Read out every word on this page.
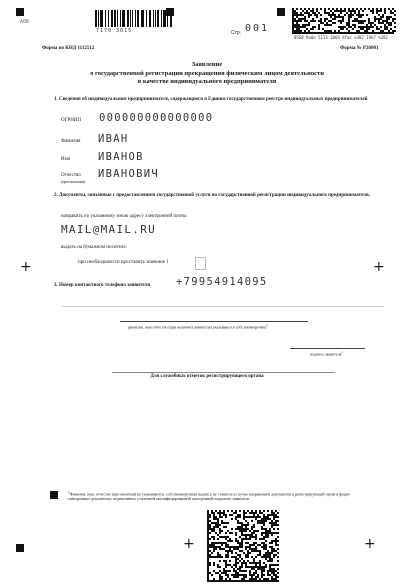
A08
7170 3015	Стр. 001
05E8 9a0e 5113 2069 dfac e382 19b7 e282
Форма по КНД 1112512	Форма № Р26001
Заявление
о государственной регистрации прекращения физическим лицом деятельности
в качестве индивидуального предпринимателя
1. Сведения об индивидуальном предпринимателе, содержащиеся в Едином государственном реестре индивидуальных предпринимателей
ОГРНИП 000000000000000
Фамилия ИВАН
Имя	ИВАНОВ
Отчество
(при наличии)
ИВАНОВИЧ
2. Документы, связанные с предоставлением государственной услуги по государственной регистрации индивидуального предпринимателя,
направить по указанному мною адресу электронной почты
MAIL@MAIL.RU
выдать на бумажном носителе:
+	при необходимости проставить значение 1	+
3. Номер контактного телефона заявителя +79954914095
фамилия, имя отчество (при наличии) заявителя (указываются собственноручно)$^1$
подпись заявителя$^1$
Для служебных отметок регистрирующего органа
$^1$Фамилия, имя, отчество (при наличии) не указываются, собственноручная подпись не ставится в случае направления документов в регистрирующий орган в форме электронных документов, подписанных усиленной квалифицированной электронной подписью заявителя.
+	+
